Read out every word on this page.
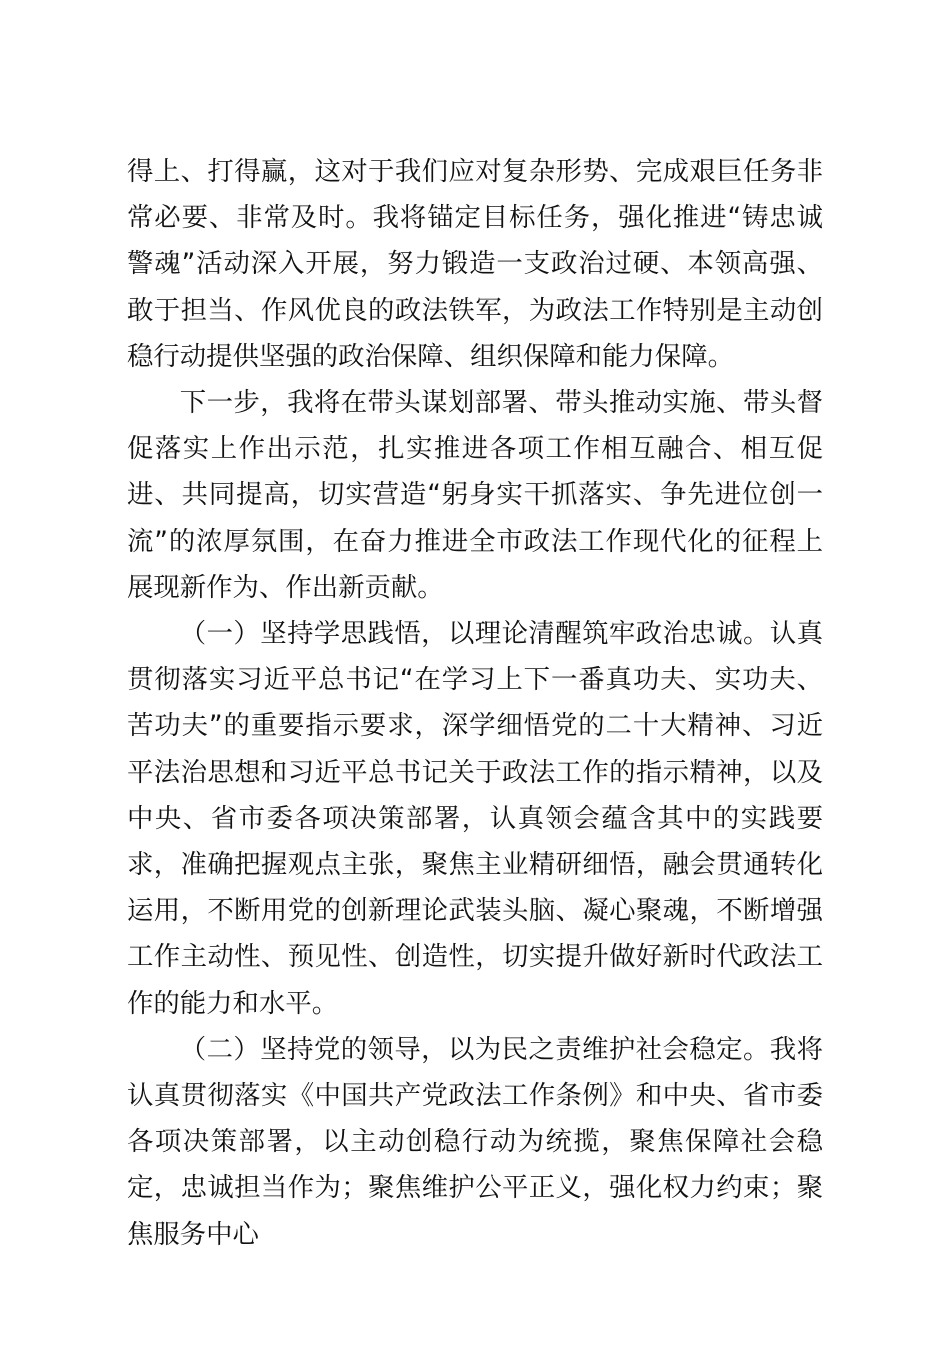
得上、打得赢，这对于我们应对复杂形势、完成艰巨任务非常必要、非常及时。我将锚定目标任务，强化推进“铸忠诚警魂”活动深入开展，努力锻造一支政治过硬、本领高强、敢于担当、作风优良的政法铁军，为政法工作特别是主动创稳行动提供坚强的政治保障、组织保障和能力保障。

下一步，我将在带头谋划部署、带头推动实施、带头督促落实上作出示范，扎实推进各项工作相互融合、相互促进、共同提高，切实营造“躬身实干抓落实、争先进位创一流”的浓厚氛围，在奋力推进全市政法工作现代化的征程上展现新作为、作出新贡献。

（一）坚持学思践悟，以理论清醒筑牢政治忠诚。认真贯彻落实习近平总书记“在学习上下一番真功夫、实功夫、苦功夫”的重要指示要求，深学细悟党的二十大精神、习近平法治思想和习近平总书记关于政法工作的指示精神，以及中央、省市委各项决策部署，认真领会蕴含其中的实践要求，准确把握观点主张，聚焦主业精研细悟，融会贯通转化运用，不断用党的创新理论武装头脑、凝心聚魂，不断增强工作主动性、预见性、创造性，切实提升做好新时代政法工作的能力和水平。

（二）坚持党的领导，以为民之责维护社会稳定。我将认真贯彻落实《中国共产党政法工作条例》和中央、省市委各项决策部署，以主动创稳行动为统揽，聚焦保障社会稳定，忠诚担当作为；聚焦维护公平正义，强化权力约束；聚焦服务中心
